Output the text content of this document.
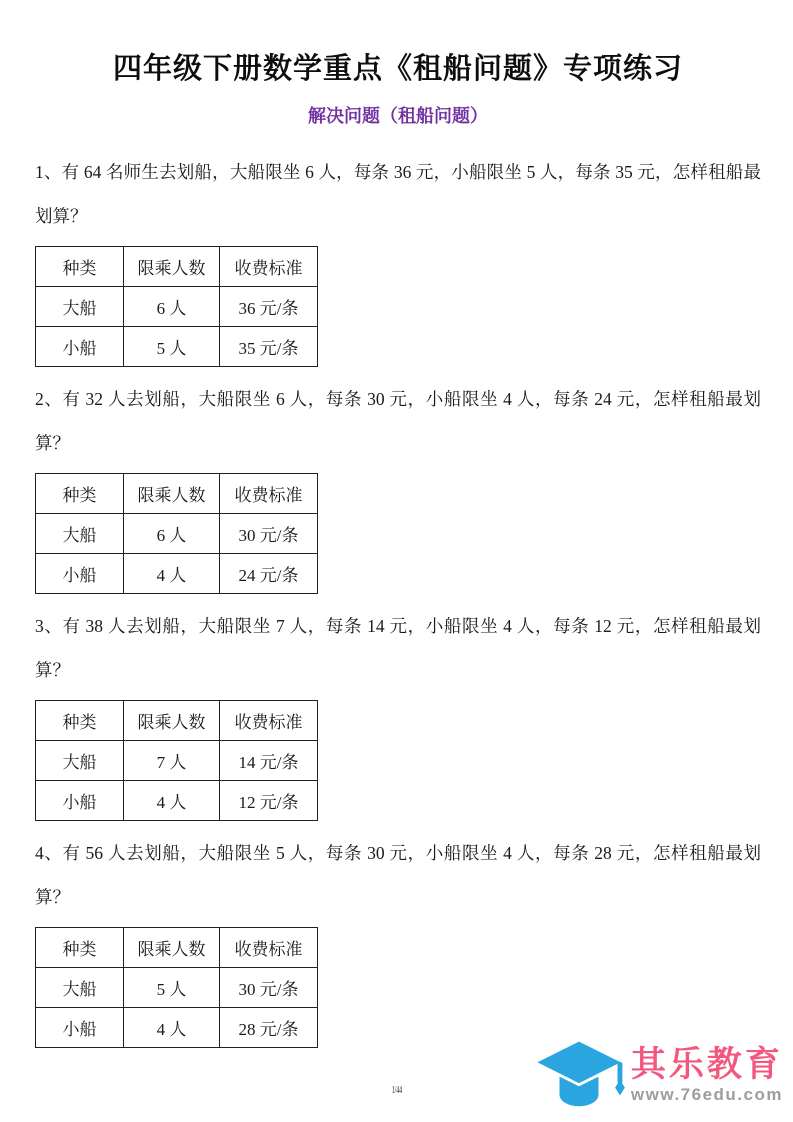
四年级下册数学重点《租船问题》专项练习
解决问题（租船问题）

1、有 64 名师生去划船，大船限坐 6 人，每条 36 元，小船限坐 5 人，每条 35 元，怎样租船最划算？

种类	限乘人数	收费标准
大船	6 人	36 元/条
小船	5 人	35 元/条

2、有 32 人去划船，大船限坐 6 人，每条 30 元，小船限坐 4 人，每条 24 元，怎样租船最划算？

种类	限乘人数	收费标准
大船	6 人	30 元/条
小船	4 人	24 元/条

3、有 38 人去划船，大船限坐 7 人，每条 14 元，小船限坐 4 人，每条 12 元，怎样租船最划算？

种类	限乘人数	收费标准
大船	7 人	14 元/条
小船	4 人	12 元/条

4、有 56 人去划船，大船限坐 5 人，每条 30 元，小船限坐 4 人，每条 28 元，怎样租船最划算？

种类	限乘人数	收费标准
大船	5 人	30 元/条
小船	4 人	28 元/条
1/44
其乐教育
www.76edu.com
